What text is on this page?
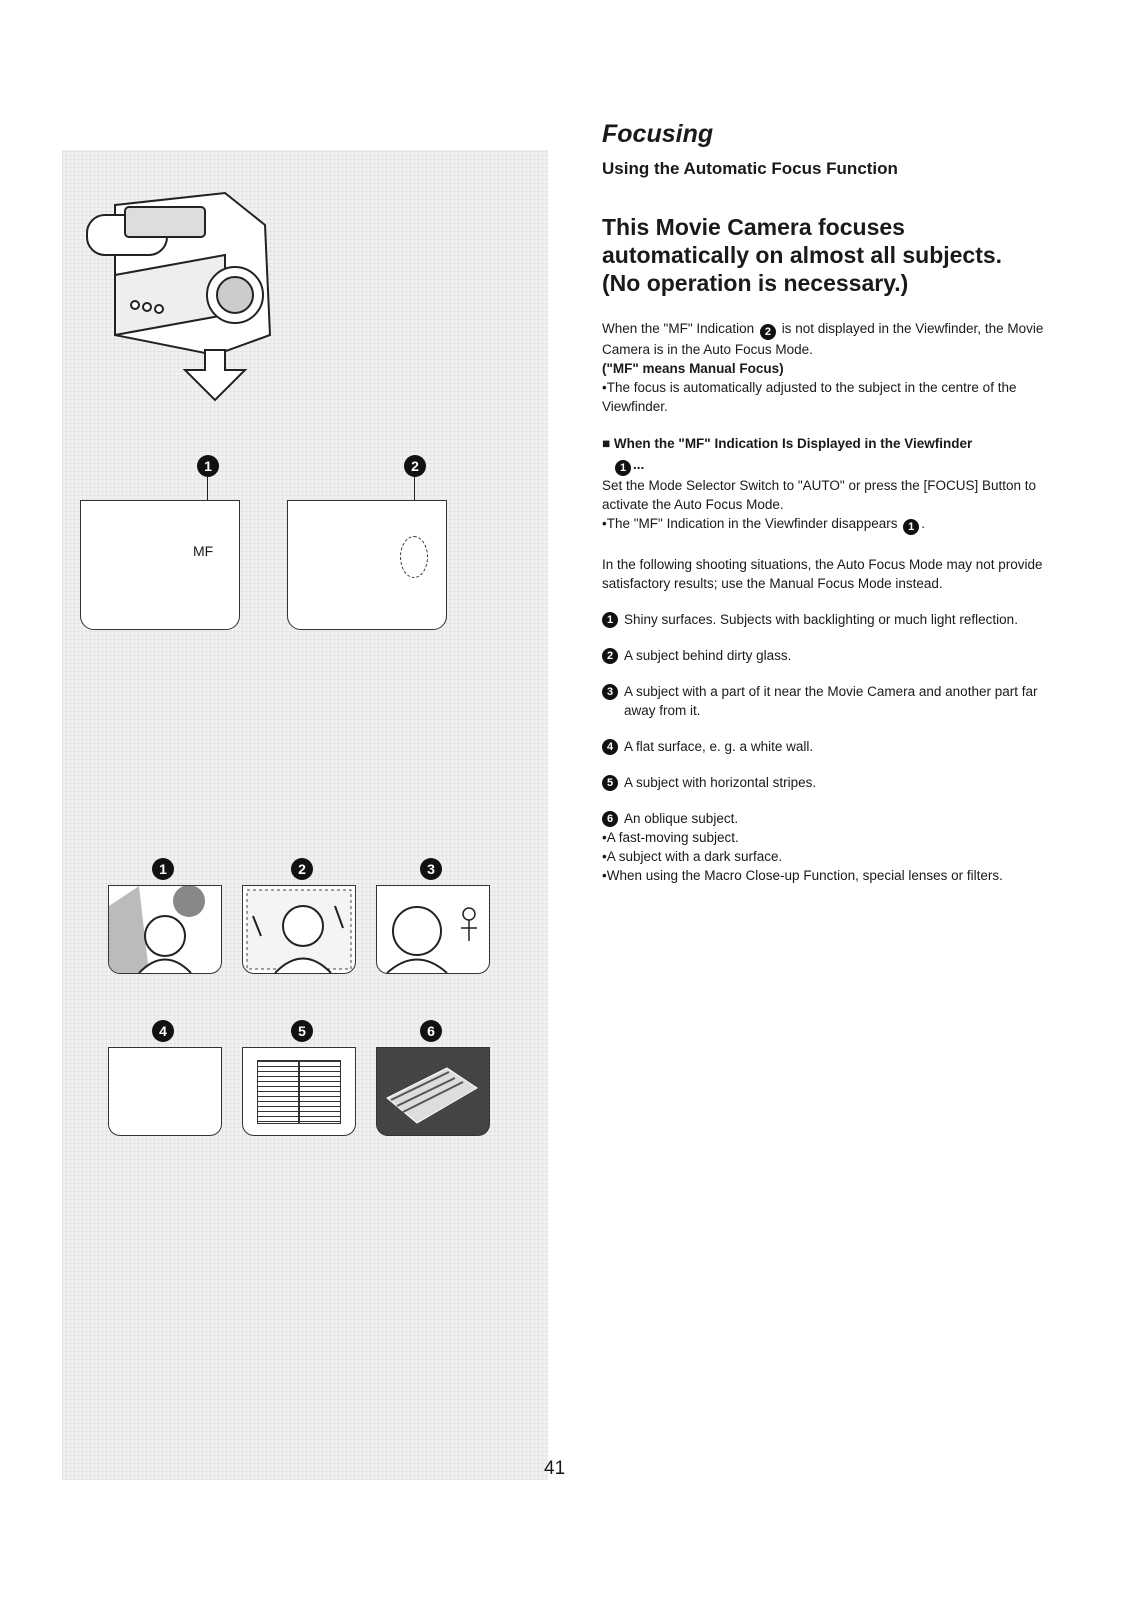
1
MF
2
1	2	3
4	5	6
Focusing
Using the Automatic Focus Function
This Movie Camera focuses
automatically on almost all subjects.
(No operation is necessary.)

When the "MF" Indication 2 is not displayed in the Viewfinder, the Movie Camera is in the Auto Focus Mode.

("MF" means Manual Focus)

•The focus is automatically adjusted to the subject in the centre of the Viewfinder.

■ When the "MF" Indication Is Displayed in the Viewfinder
1 ...

Set the Mode Selector Switch to "AUTO" or press the [FOCUS] Button to activate the Auto Focus Mode.

•The "MF" Indication in the Viewfinder disappears 1 .

In the following shooting situations, the Auto Focus Mode may not provide satisfactory results; use the Manual Focus Mode instead.

1 Shiny surfaces. Subjects with backlighting or much light reflection.
2 A subject behind dirty glass.
3 A subject with a part of it near the Movie Camera and another part far away from it.
4 A flat surface, e. g. a white wall.
5 A subject with horizontal stripes.
6 An oblique subject.

•A fast-moving subject.

•A subject with a dark surface.

•When using the Macro Close-up Function, special lenses or filters.

41
